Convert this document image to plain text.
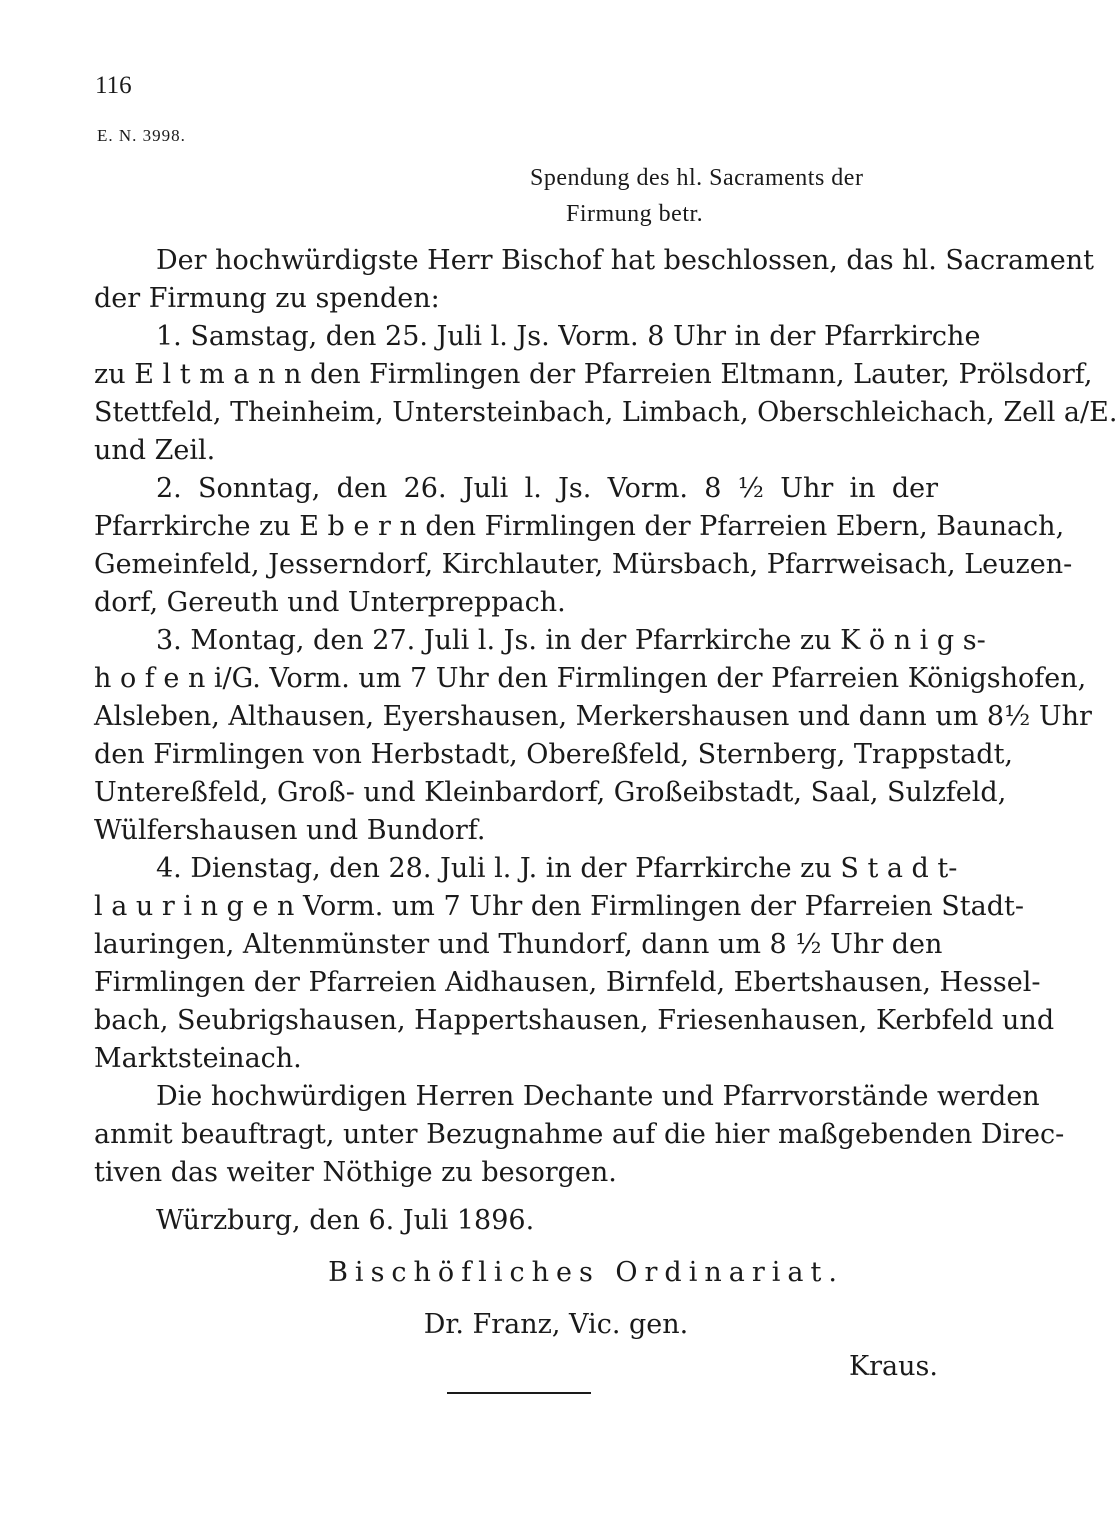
116
E. N. 3998.
Spendung des hl. Sacraments der
Firmung betr.
Der hochwürdigste Herr Bischof hat beschlossen, das hl. Sacrament
der Firmung zu spenden:
1. Samstag, den 25. Juli l. Js. Vorm. 8 Uhr in der Pfarrkirche
zu E l t m a n n den Firmlingen der Pfarreien Eltmann, Lauter, Prölsdorf,
Stettfeld, Theinheim, Untersteinbach, Limbach, Oberschleichach, Zell a/E.
und Zeil.
2. Sonntag, den 26. Juli l. Js. Vorm. 8 ½ Uhr in der
Pfarrkirche zu E b e r n den Firmlingen der Pfarreien Ebern, Baunach,
Gemeinfeld, Jesserndorf, Kirchlauter, Mürsbach, Pfarrweisach, Leuzen-
dorf, Gereuth und Unterpreppach.
3. Montag, den 27. Juli l. Js. in der Pfarrkirche zu K ö n i g s-
h o f e n i/G. Vorm. um 7 Uhr den Firmlingen der Pfarreien Königshofen,
Alsleben, Althausen, Eyershausen, Merkershausen und dann um 8½ Uhr
den Firmlingen von Herbstadt, Obereßfeld, Sternberg, Trappstadt,
Untereßfeld, Groß- und Kleinbardorf, Großeibstadt, Saal, Sulzfeld,
Wülfershausen und Bundorf.
4. Dienstag, den 28. Juli l. J. in der Pfarrkirche zu S t a d t-
l a u r i n g e n Vorm. um 7 Uhr den Firmlingen der Pfarreien Stadt-
lauringen, Altenmünster und Thundorf, dann um 8 ½ Uhr den
Firmlingen der Pfarreien Aidhausen, Birnfeld, Ebertshausen, Hessel-
bach, Seubrigshausen, Happertshausen, Friesenhausen, Kerbfeld und
Marktsteinach.
Die hochwürdigen Herren Dechante und Pfarrvorstände werden
anmit beauftragt, unter Bezugnahme auf die hier maßgebenden Direc-
tiven das weiter Nöthige zu besorgen.
Würzburg, den 6. Juli 1896.
Bischöfliches Ordinariat.
Dr. Franz, Vic. gen.
Kraus.
